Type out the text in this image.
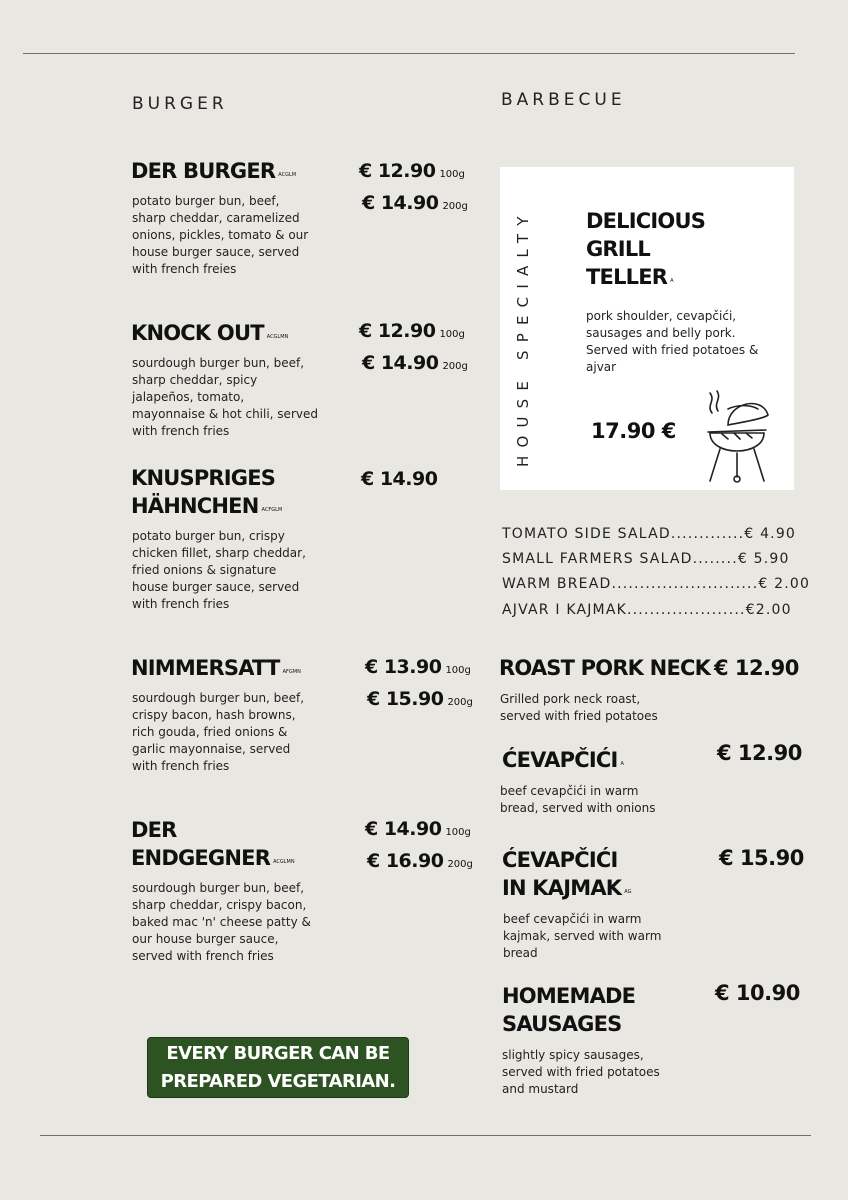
BURGER
DER BURGER $^{ACGLM}$	€ 12.90 100g
€ 14.90 200g
potato burger bun, beef, sharp cheddar, caramelized onions, pickles, tomato & our house burger sauce, served with french freies
KNOCK OUT $^{ACGLMN}$	€ 12.90 100g
€ 14.90 200g
sourdough burger bun, beef, sharp cheddar, spicy jalapeños, tomato, mayonnaise & hot chili, served with french fries
KNUSPRIGES
HÄHNCHEN $^{ACFGLM}$
€ 14.90
potato burger bun, crispy chicken fillet, sharp cheddar, fried onions & signature house burger sauce, served with french fries
NIMMERSATT $^{AFGMN}$	€ 13.90 100g
€ 15.90 200g
sourdough burger bun, beef, crispy bacon, hash browns, rich gouda, fried onions & garlic mayonnaise, served with french fries
DER
ENDGEGNER $^{ACGLMN}$
€ 14.90 100g
€ 16.90 200g
sourdough burger bun, beef, sharp cheddar, crispy bacon, baked mac 'n' cheese patty & our house burger sauce, served with french fries
EVERY BURGER CAN BE
PREPARED VEGETARIAN.
BARBECUE
HOUSE SPECIALTY	DELICIOUS
GRILL
TELLER $^A$
pork shoulder, cevapčići, sausages and belly pork. Served with fried potatoes & ajvar
17.90 €
TOMATO SIDE SALAD.............€ 4.90
SMALL FARMERS SALAD........€ 5.90
WARM BREAD..........................€ 2.00
AJVAR I KAJMAK.....................€2.00
ROAST PORK NECK € 12.90
Grilled pork neck roast, served with fried potatoes
ĆEVAPČIĆI $^A$	€ 12.90
beef cevapčići in warm bread, served with onions
ĆEVAPČIĆI
IN KAJMAK $^{AG}$
€ 15.90
beef cevapčići in warm kajmak, served with warm bread
HOMEMADE
SAUSAGES
€ 10.90
slightly spicy sausages, served with fried potatoes and mustard
